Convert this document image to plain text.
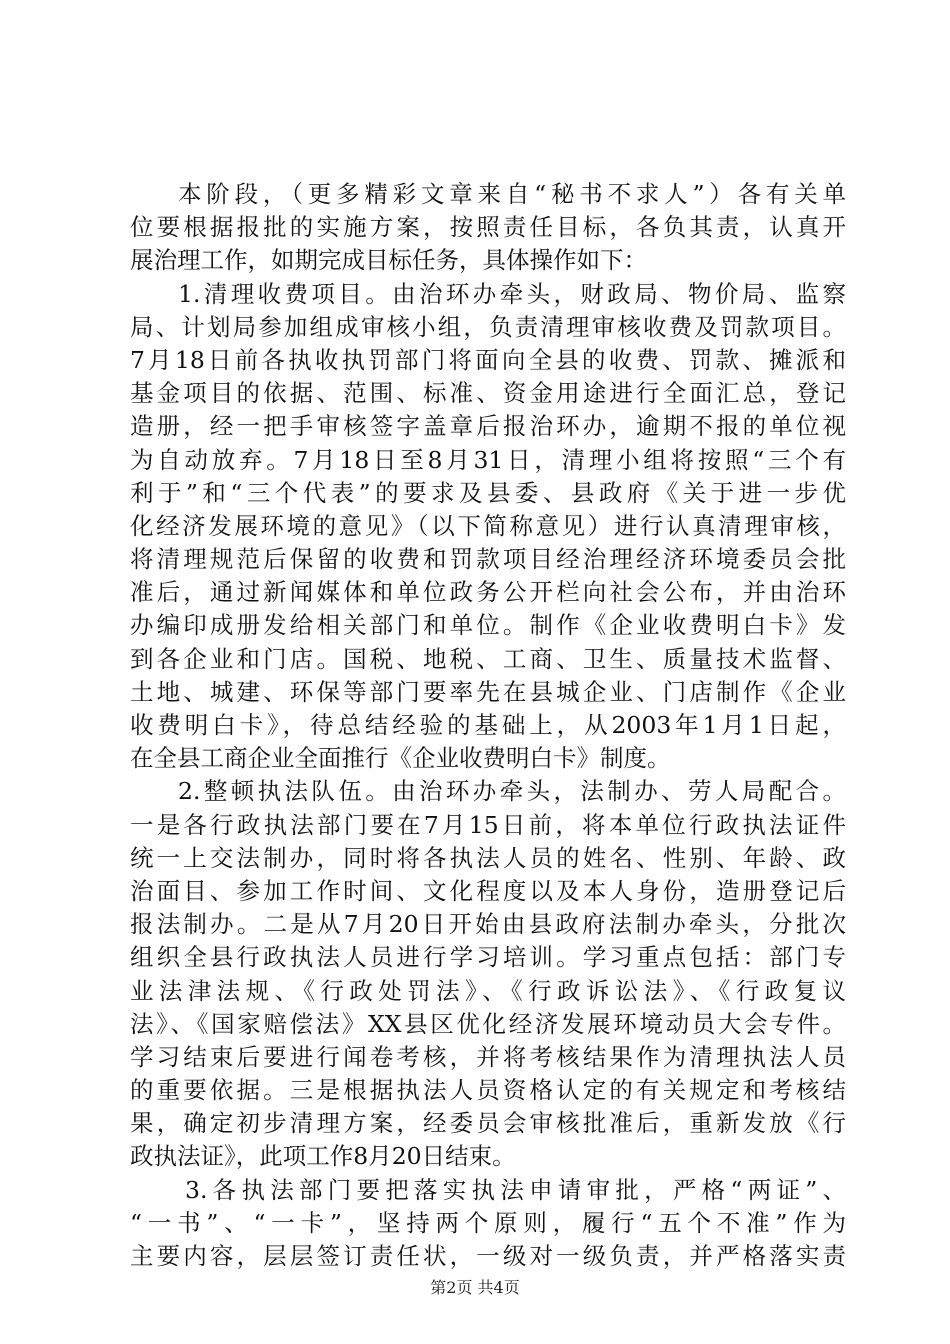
本阶段，（更多精彩文章来自“秘书不求人”）各有关单
位要根据报批的实施方案，按照责任目标，各负其责，认真开
展治理工作，如期完成目标任务，具体操作如下：
1.清理收费项目。由治环办牵头，财政局、物价局、监察
局、计划局参加组成审核小组，负责清理审核收费及罚款项目。
7月18日前各执收执罚部门将面向全县的收费、罚款、摊派和
基金项目的依据、范围、标准、资金用途进行全面汇总，登记
造册，经一把手审核签字盖章后报治环办，逾期不报的单位视
为自动放弃。7月18日至8月31日，清理小组将按照“三个有
利于”和“三个代表”的要求及县委、县政府《关于进一步优
化经济发展环境的意见》（以下简称意见）进行认真清理审核，
将清理规范后保留的收费和罚款项目经治理经济环境委员会批
准后，通过新闻媒体和单位政务公开栏向社会公布，并由治环
办编印成册发给相关部门和单位。制作《企业收费明白卡》发
到各企业和门店。国税、地税、工商、卫生、质量技术监督、
土地、城建、环保等部门要率先在县城企业、门店制作《企业
收费明白卡》，待总结经验的基础上，从2003年1月1日起，
在全县工商企业全面推行《企业收费明白卡》制度。
2.整顿执法队伍。由治环办牵头，法制办、劳人局配合。
一是各行政执法部门要在7月15日前，将本单位行政执法证件
统一上交法制办，同时将各执法人员的姓名、性别、年龄、政
治面目、参加工作时间、文化程度以及本人身份，造册登记后
报法制办。二是从7月20日开始由县政府法制办牵头，分批次
组织全县行政执法人员进行学习培训。学习重点包括：部门专
业法津法规、《行政处罚法》、《行政诉讼法》、《行政复议
法》、《国家赔偿法》XX县区优化经济发展环境动员大会专件。
学习结束后要进行闻卷考核，并将考核结果作为清理执法人员
的重要依据。三是根据执法人员资格认定的有关规定和考核结
果，确定初步清理方案，经委员会审核批准后，重新发放《行
政执法证》，此项工作8月20日结束。
3.各执法部门要把落实执法申请审批，严格“两证”、
“一书”、“一卡”，坚持两个原则，履行“五个不准”作为
主要内容，层层签订责任状，一级对一级负责，并严格落实责
第2页 共4页
